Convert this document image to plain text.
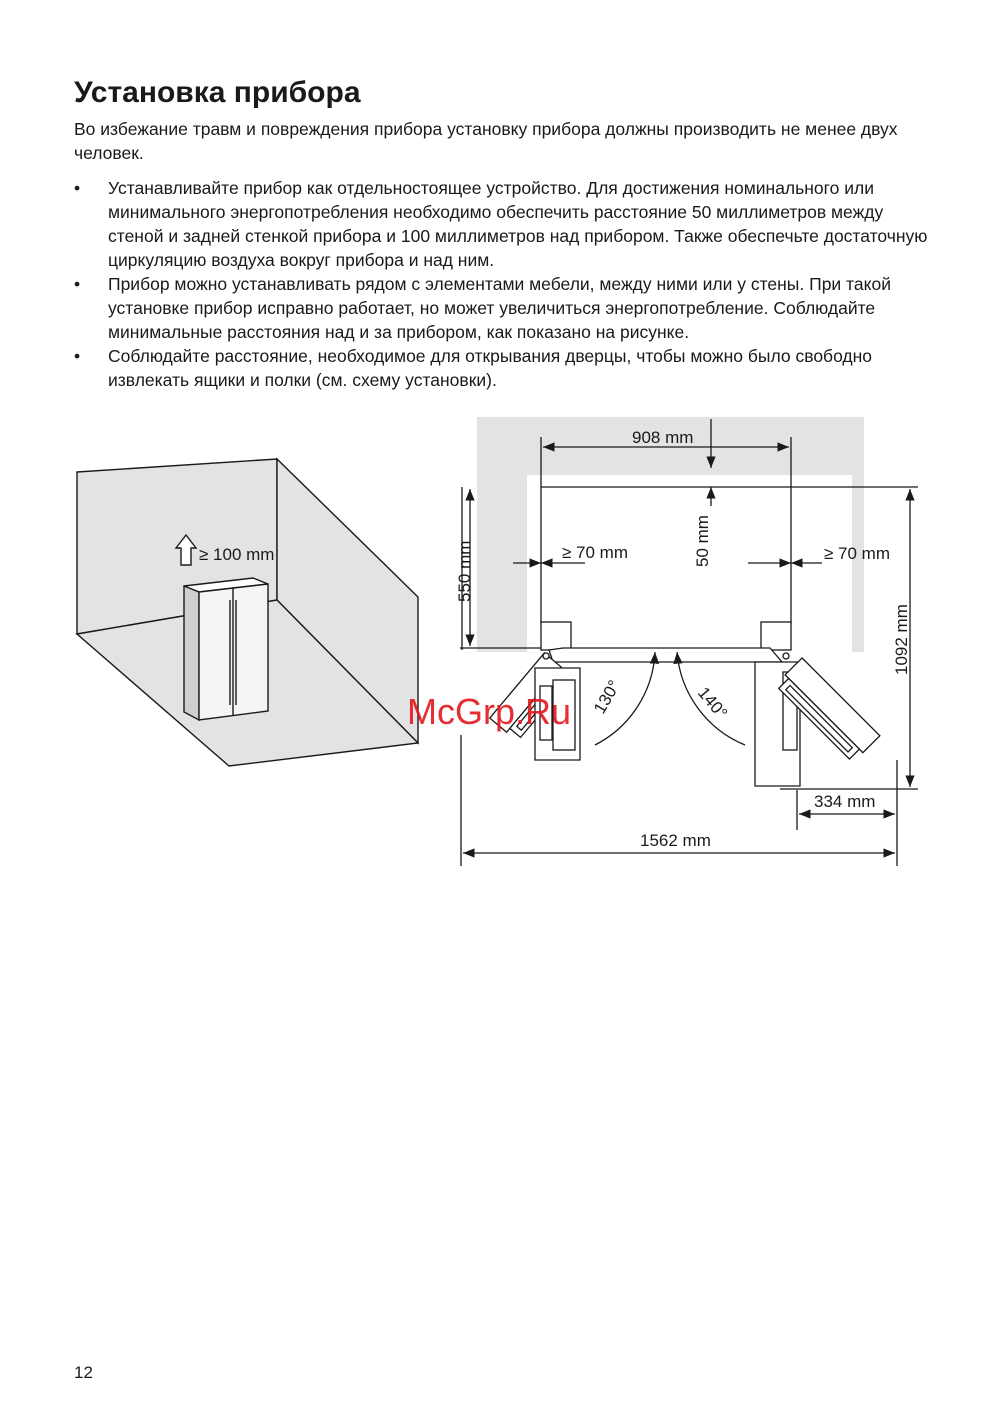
Установка прибора

Во избежание травм и повреждения прибора установку прибора должны производить не менее двух человек.

• Устанавливайте прибор как отдельностоящее устройство. Для достижения номинального или минимального энергопотребления необходимо обеспечить расстояние 50 миллиметров между стеной и задней стенкой прибора и 100 миллиметров над прибором. Также обеспечьте достаточную циркуляцию воздуха вокруг прибора и над ним.
• Прибор можно устанавливать рядом с элементами мебели, между ними или у стены. При такой установке прибор исправно работает, но может увеличиться энергопотребление. Соблюдайте минимальные расстояния над и за прибором, как показано на рисунке.
• Соблюдайте расстояние, необходимое для открывания дверцы, чтобы можно было свободно извлекать ящики и полки (см. схему установки).
≥ 100 mm
908 mm
50 mm
≥ 70 mm	≥ 70 mm
550 mm
1092 mm
130°	140°
334 mm
1562 mm
McGrp.Ru
12
